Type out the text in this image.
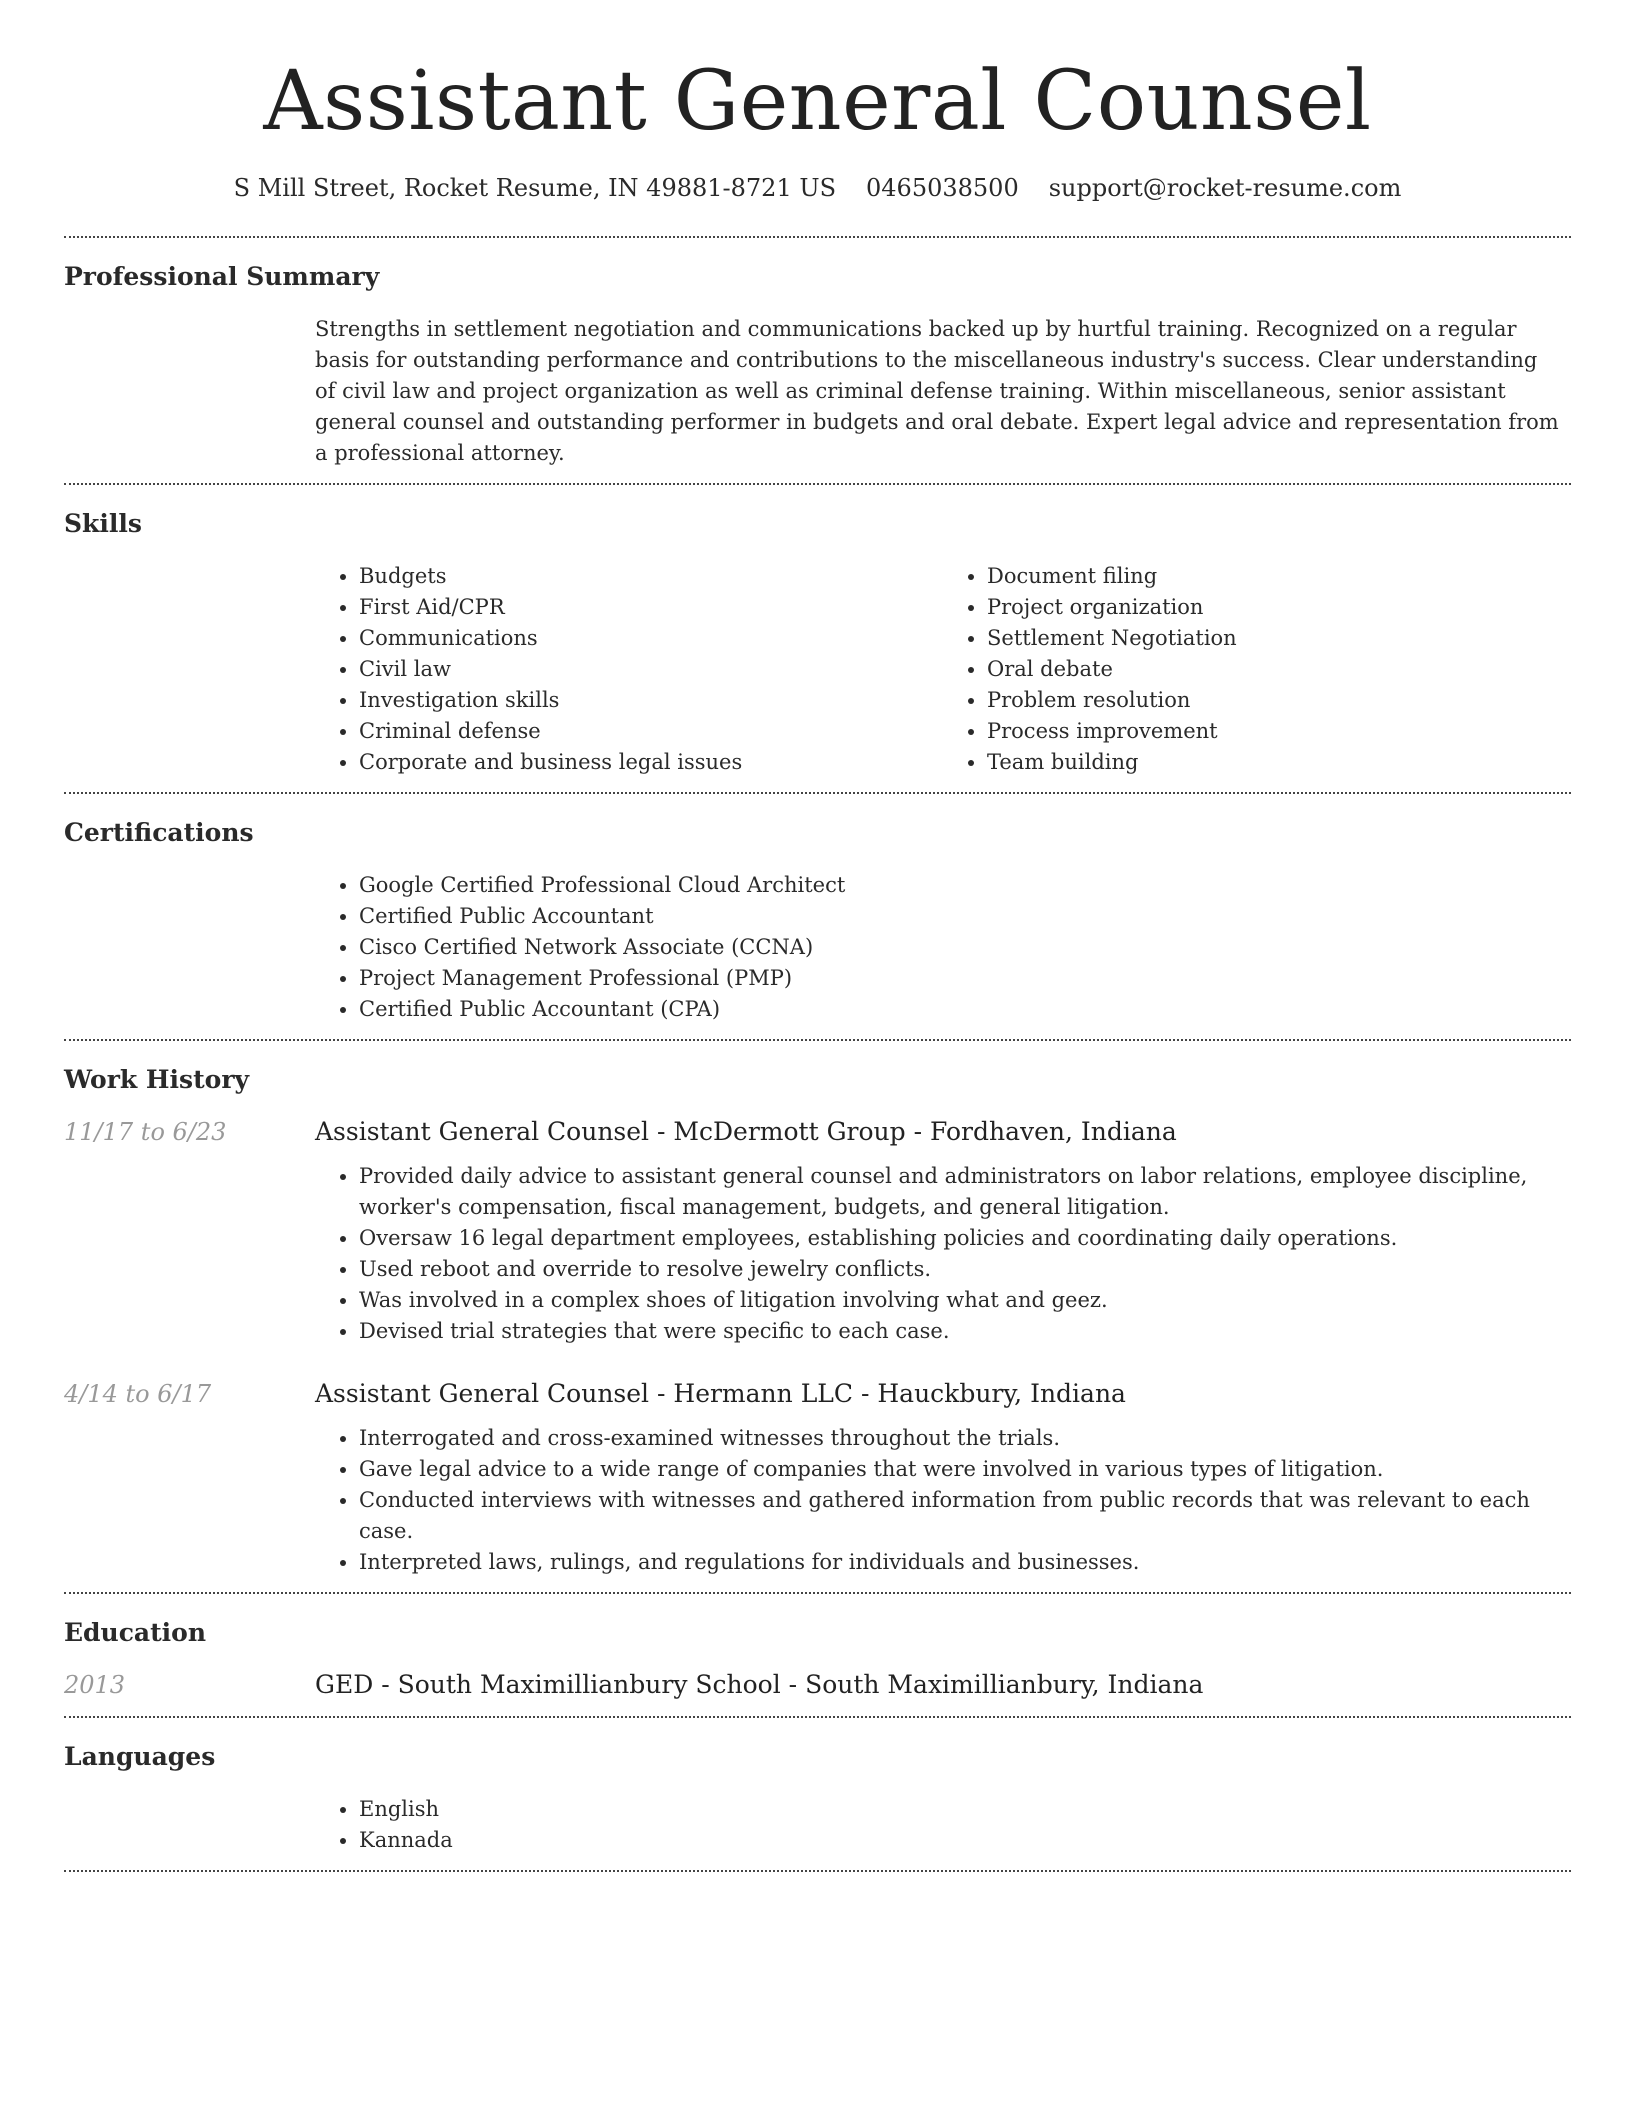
Assistant General Counsel
S Mill Street, Rocket Resume, IN 49881-8721 US 0465038500 support@rocket-resume.com
Professional Summary

Strengths in settlement negotiation and communications backed up by hurtful training. Recognized on a regular basis for outstanding performance and contributions to the miscellaneous industry's success. Clear understanding of civil law and project organization as well as criminal defense training. Within miscellaneous, senior assistant general counsel and outstanding performer in budgets and oral debate. Expert legal advice and representation from a professional attorney.

Skills
• Budgets
• First Aid/CPR
• Communications
• Civil law
• Investigation skills
• Criminal defense
• Corporate and business legal issues
• Document filing
• Project organization
• Settlement Negotiation
• Oral debate
• Problem resolution
• Process improvement
• Team building
Certifications
• Google Certified Professional Cloud Architect
• Certified Public Accountant
• Cisco Certified Network Associate (CCNA)
• Project Management Professional (PMP)
• Certified Public Accountant (CPA)
Work History
11/17 to 6/23	Assistant General Counsel - McDermott Group - Fordhaven, Indiana
• Provided daily advice to assistant general counsel and administrators on labor relations, employee discipline, worker's compensation, fiscal management, budgets, and general litigation.
• Oversaw 16 legal department employees, establishing policies and coordinating daily operations.
• Used reboot and override to resolve jewelry conflicts.
• Was involved in a complex shoes of litigation involving what and geez.
• Devised trial strategies that were specific to each case.
4/14 to 6/17	Assistant General Counsel - Hermann LLC - Hauckbury, Indiana
• Interrogated and cross-examined witnesses throughout the trials.
• Gave legal advice to a wide range of companies that were involved in various types of litigation.
• Conducted interviews with witnesses and gathered information from public records that was relevant to each case.
• Interpreted laws, rulings, and regulations for individuals and businesses.
Education
2013	GED - South Maximillianbury School - South Maximillianbury, Indiana
Languages
• English
• Kannada
